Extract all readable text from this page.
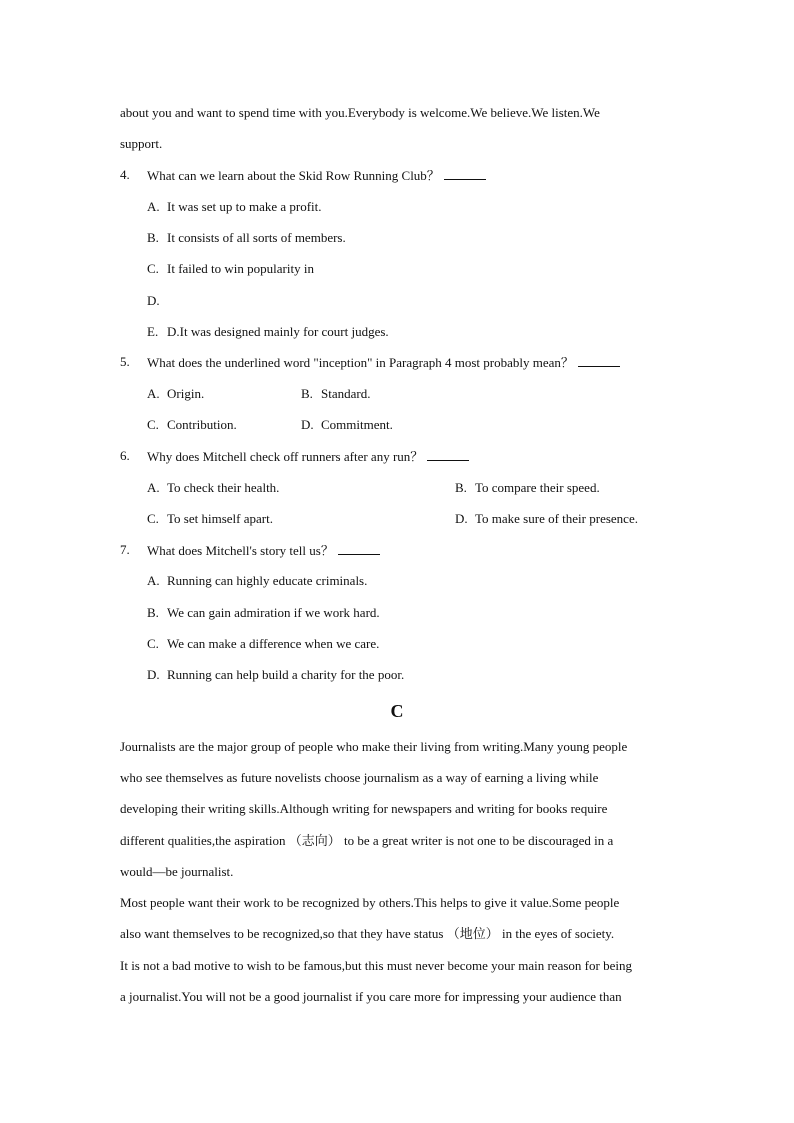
about you and want to spend time with you.Everybody is welcome.We believe.We listen.We
support.
4. What can we learn about the Skid Row Running Club？
A. It was set up to make a profit.
B. It consists of all sorts of members.
C. It failed to win popularity in
D.
E. D.It was designed mainly for court judges.
5. What does the underlined word "inception" in Paragraph 4 most probably mean？
A. Origin.	B. Standard.
C. Contribution.	D. Commitment.
6. Why does Mitchell check off runners after any run？
A. To check their health.	B. To compare their speed.
C. To set himself apart.	D. To make sure of their presence.
7. What does Mitchell's story tell us？
A. Running can highly educate criminals.
B. We can gain admiration if we work hard.
C. We can make a difference when we care.
D. Running can help build a charity for the poor.
C
Journalists are the major group of people who make their living from writing.Many young people
who see themselves as future novelists choose journalism as a way of earning a living while
developing their writing skills.Although writing for newspapers and writing for books require
different qualities,the aspiration （志向） to be a great writer is not one to be discouraged in a
would—be journalist.
Most people want their work to be recognized by others.This helps to give it value.Some people
also want themselves to be recognized,so that they have status （地位） in the eyes of society.
It is not a bad motive to wish to be famous,but this must never become your main reason for being
a journalist.You will not be a good journalist if you care more for impressing your audience than
